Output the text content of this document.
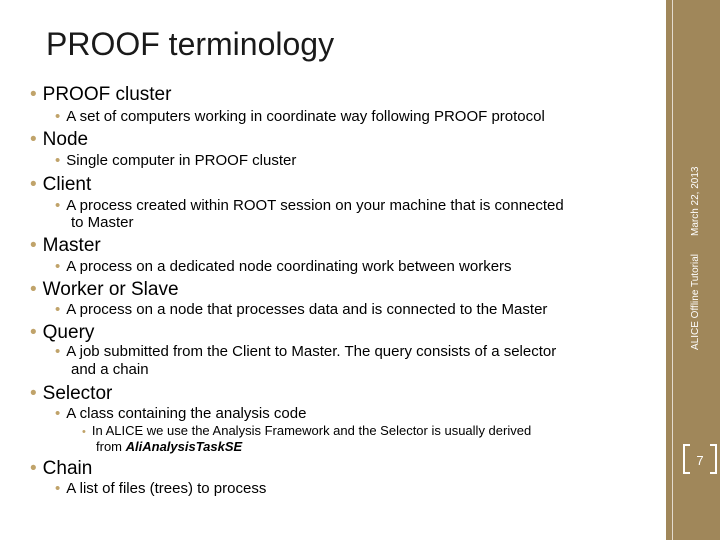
PROOF terminology
• PROOF cluster
• A set of computers working in coordinate way following PROOF protocol
• Node
• Single computer in PROOF cluster
• Client
• A process created within ROOT session on your machine that is connected
to Master
• Master
• A process on a dedicated node coordinating work between workers
• Worker or Slave
• A process on a node that processes data and is connected to the Master
• Query
• A job submitted from the Client to Master. The query consists of a selector
and a chain
• Selector
• A class containing the analysis code
• In ALICE we use the Analysis Framework and the Selector is usually derived
from AliAnalysisTaskSE
• Chain
• A list of files (trees) to process
ALICE Offline TutorialMarch 22, 2013
7
